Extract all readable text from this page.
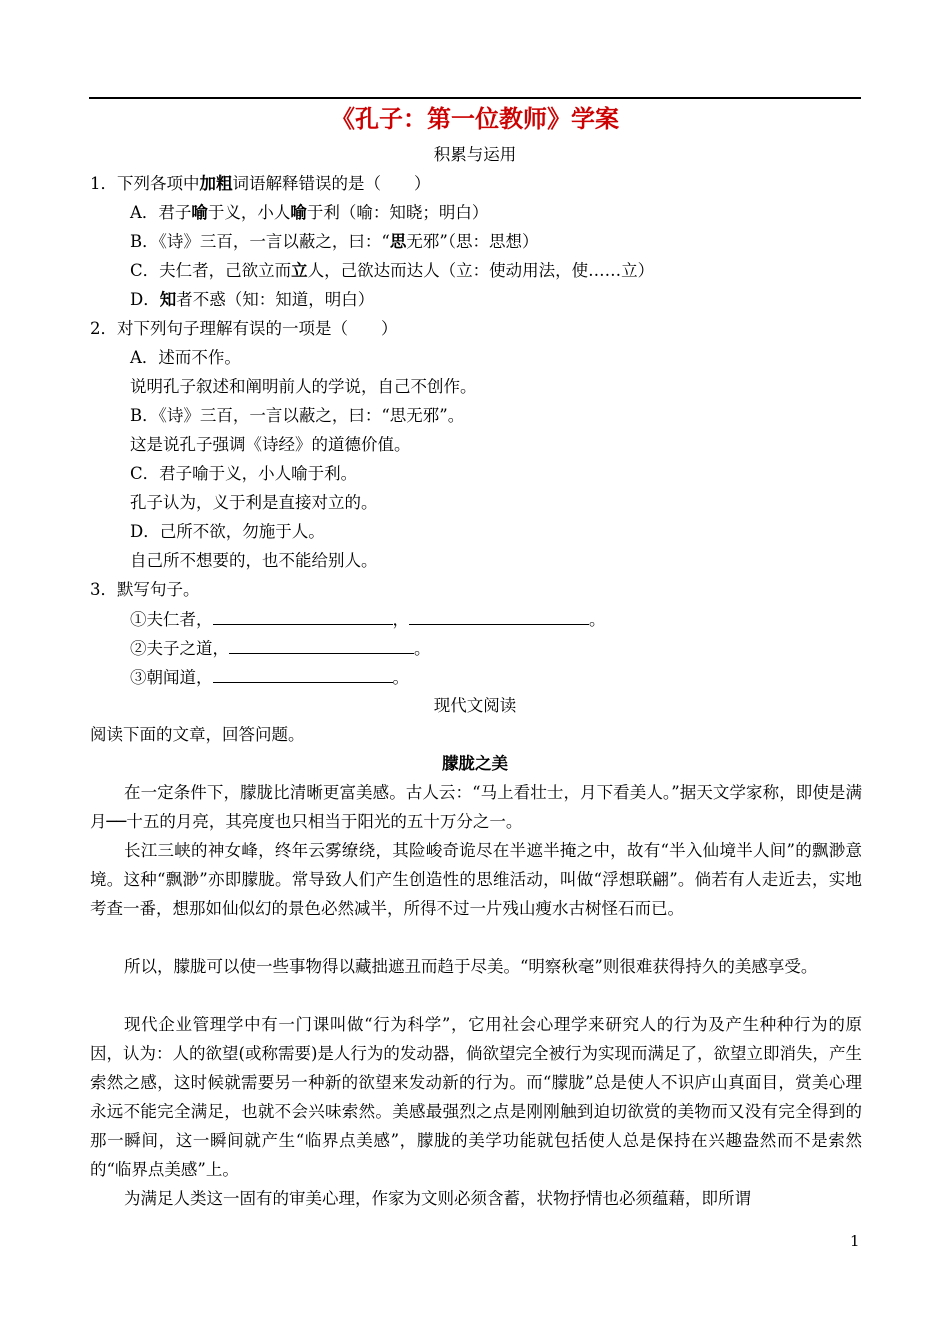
《孔子：第一位教师》学案
积累与运用
1．下列各项中加粗词语解释错误的是（　　）
A．君子喻于义，小人喻于利（喻：知晓；明白）
B．《诗》三百，一言以蔽之，曰：“思无邪”（思：思想）
C．夫仁者，己欲立而立人，己欲达而达人（立：使动用法，使……立）
D．知者不惑（知：知道，明白）
2．对下列句子理解有误的一项是（　　）
A．述而不作。
说明孔子叙述和阐明前人的学说，自己不创作。
B．《诗》三百，一言以蔽之，曰：“思无邪”。
这是说孔子强调《诗经》的道德价值。
C．君子喻于义，小人喻于利。
孔子认为，义于利是直接对立的。
D．己所不欲，勿施于人。
自己所不想要的，也不能给别人。
3．默写句子。
①夫仁者，	，	。
②夫子之道，	。
③朝闻道，	。
现代文阅读
阅读下面的文章，回答问题。
朦胧之美
在一定条件下，朦胧比清晰更富美感。古人云：“马上看壮士，月下看美人。”据天文学家称，即使是满月──十五的月亮，其亮度也只相当于阳光的五十万分之一。
长江三峡的神女峰，终年云雾缭绕，其险峻奇诡尽在半遮半掩之中，故有“半入仙境半人间”的飘渺意境。这种“飘渺”亦即朦胧。常导致人们产生创造性的思维活动，叫做“浮想联翩”。倘若有人走近去，实地考查一番，想那如仙似幻的景色必然减半，所得不过一片残山瘦水古树怪石而已。
所以，朦胧可以使一些事物得以藏拙遮丑而趋于尽美。“明察秋毫”则很难获得持久的美感享受。
现代企业管理学中有一门课叫做“行为科学”，它用社会心理学来研究人的行为及产生种种行为的原因，认为：人的欲望(或称需要)是人行为的发动器，倘欲望完全被行为实现而满足了，欲望立即消失，产生索然之感，这时候就需要另一种新的欲望来发动新的行为。而“朦胧”总是使人不识庐山真面目，赏美心理永远不能完全满足，也就不会兴味索然。美感最强烈之点是刚刚触到迫切欲赏的美物而又没有完全得到的那一瞬间，这一瞬间就产生“临界点美感”，朦胧的美学功能就包括使人总是保持在兴趣盎然而不是索然的“临界点美感”上。
为满足人类这一固有的审美心理，作家为文则必须含蓄，状物抒情也必须蕴藉，即所谓
1
